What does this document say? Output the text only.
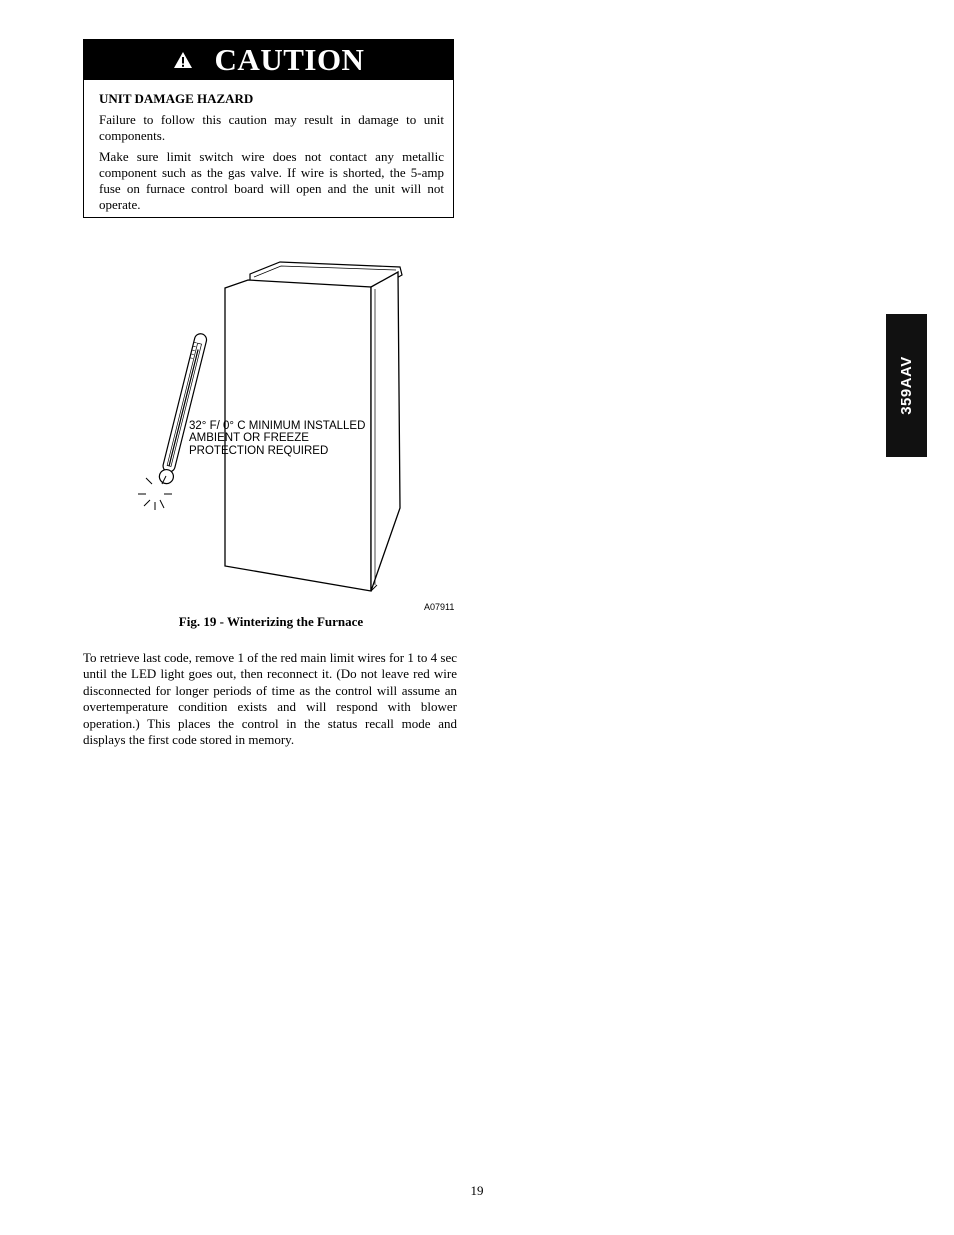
CAUTION
UNIT DAMAGE HAZARD

Failure to follow this caution may result in damage to unit components.

Make sure limit switch wire does not contact any metallic component such as the gas valve. If wire is shorted, the 5-amp fuse on furnace control board will open and the unit will not operate.

32° F/ 0° C MINIMUM INSTALLED
AMBIENT OR FREEZE
PROTECTION REQUIRED
A07911
Fig. 19 - Winterizing the Furnace

To retrieve last code, remove 1 of the red main limit wires for 1 to 4 sec until the LED light goes out, then reconnect it. (Do not leave red wire disconnected for longer periods of time as the control will assume an overtemperature condition exists and will respond with blower operation.) This places the control in the status recall mode and displays the first code stored in memory.

359AAV
19
